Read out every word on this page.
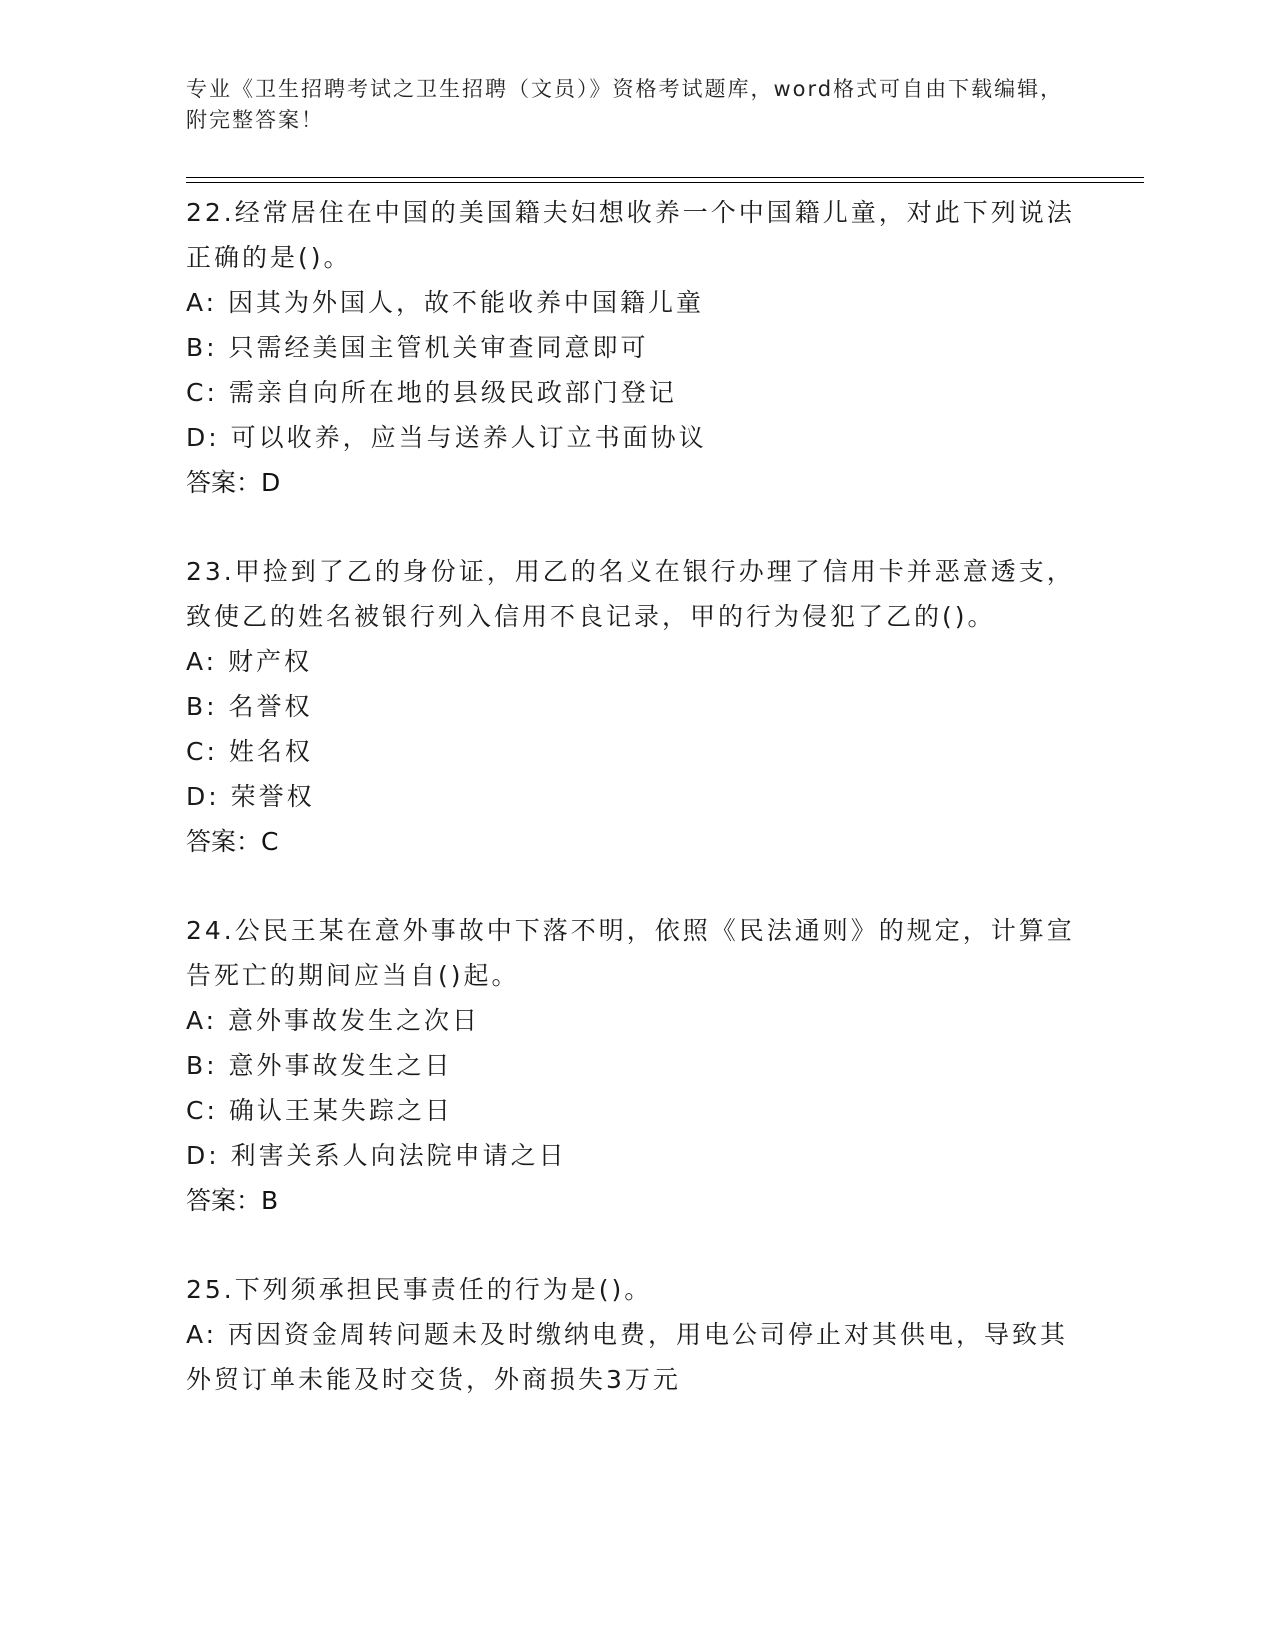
专业《卫生招聘考试之卫生招聘（文员）》资格考试题库，word格式可自由下载编辑，附完整答案！

22.经常居住在中国的美国籍夫妇想收养一个中国籍儿童，对此下列说法正确的是()。

A: 因其为外国人，故不能收养中国籍儿童

B: 只需经美国主管机关审查同意即可

C: 需亲自向所在地的县级民政部门登记

D: 可以收养，应当与送养人订立书面协议

答案：D

23.甲捡到了乙的身份证，用乙的名义在银行办理了信用卡并恶意透支，致使乙的姓名被银行列入信用不良记录，甲的行为侵犯了乙的()。

A: 财产权

B: 名誉权

C: 姓名权

D: 荣誉权

答案：C

24.公民王某在意外事故中下落不明，依照《民法通则》的规定，计算宣告死亡的期间应当自()起。

A: 意外事故发生之次日

B: 意外事故发生之日

C: 确认王某失踪之日

D: 利害关系人向法院申请之日

答案：B

25.下列须承担民事责任的行为是()。

A: 丙因资金周转问题未及时缴纳电费，用电公司停止对其供电，导致其外贸订单未能及时交货，外商损失3万元
